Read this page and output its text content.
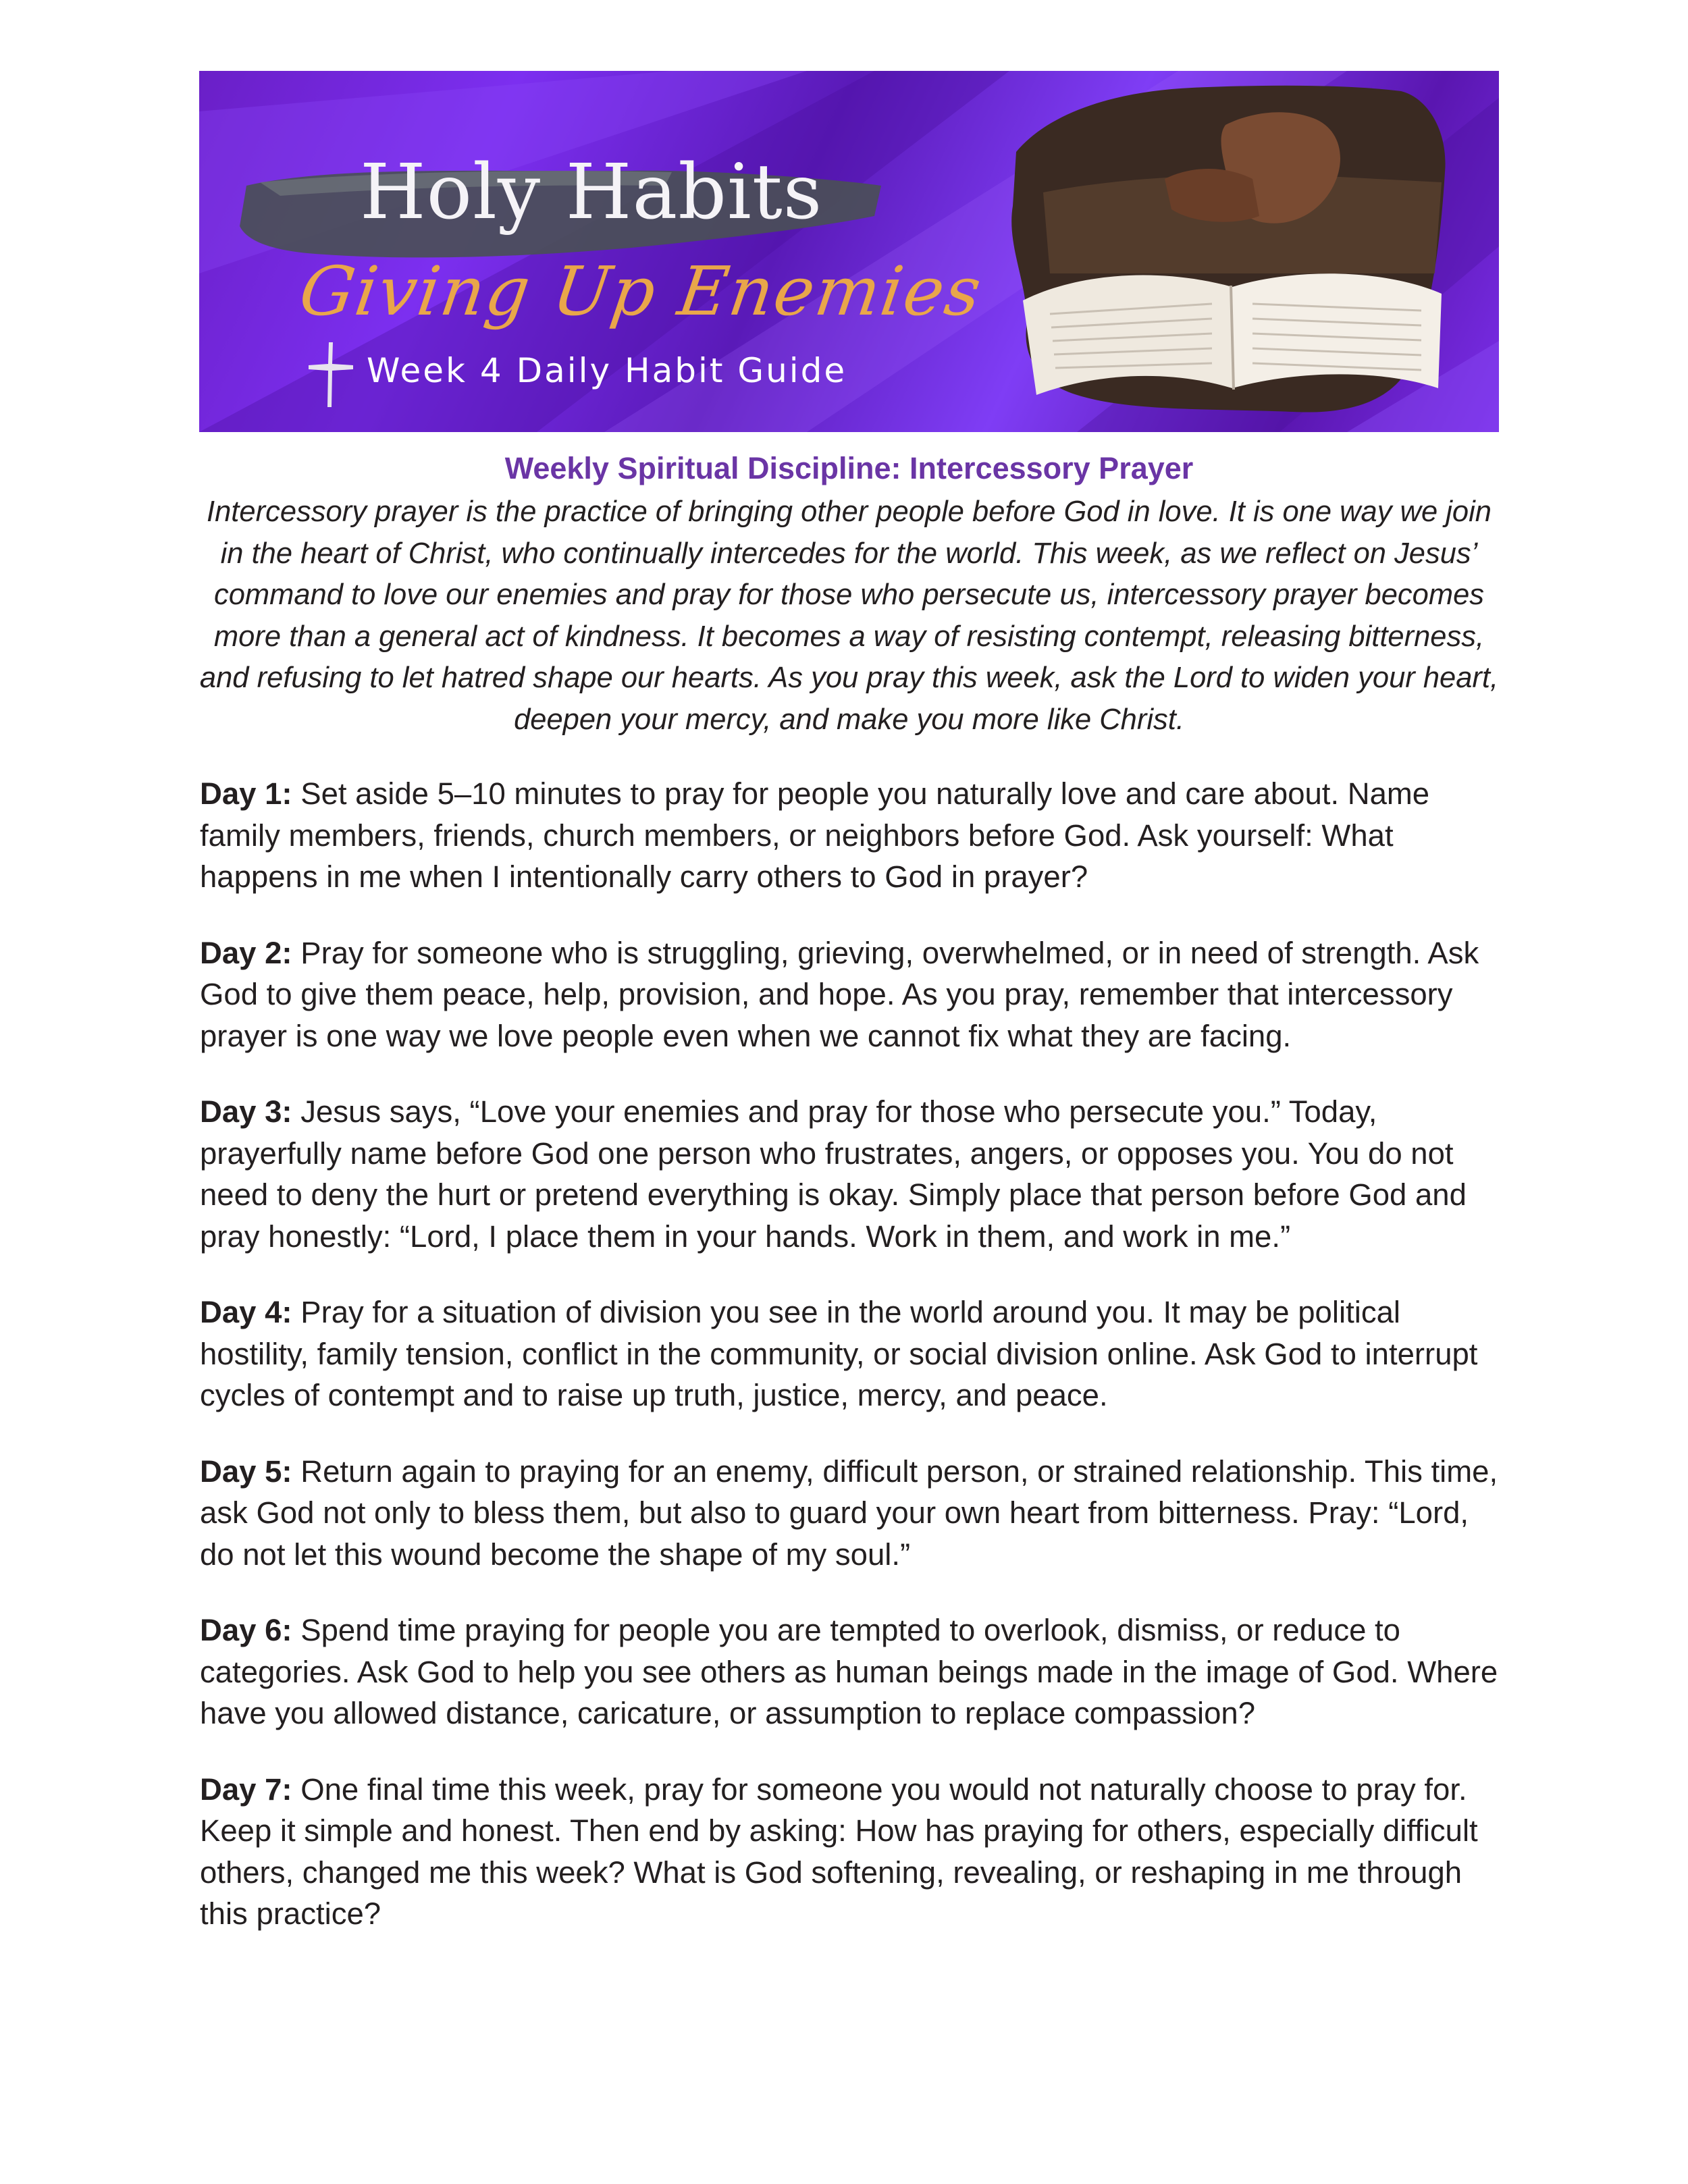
Holy Habits
Giving Up Enemies
Week 4 Daily Habit Guide
Weekly Spiritual Discipline: Intercessory Prayer

Intercessory prayer is the practice of bringing other people before God in love. It is one way we join in the heart of Christ, who continually intercedes for the world. This week, as we reflect on Jesus’ command to love our enemies and pray for those who persecute us, intercessory prayer becomes more than a general act of kindness. It becomes a way of resisting contempt, releasing bitterness, and refusing to let hatred shape our hearts. As you pray this week, ask the Lord to widen your heart, deepen your mercy, and make you more like Christ.

Day 1: Set aside 5–10 minutes to pray for people you naturally love and care about. Name family members, friends, church members, or neighbors before God. Ask yourself: What happens in me when I intentionally carry others to God in prayer?

Day 2: Pray for someone who is struggling, grieving, overwhelmed, or in need of strength. Ask God to give them peace, help, provision, and hope. As you pray, remember that intercessory prayer is one way we love people even when we cannot fix what they are facing.

Day 3: Jesus says, “Love your enemies and pray for those who persecute you.” Today, prayerfully name before God one person who frustrates, angers, or opposes you. You do not need to deny the hurt or pretend everything is okay. Simply place that person before God and pray honestly: “Lord, I place them in your hands. Work in them, and work in me.”

Day 4: Pray for a situation of division you see in the world around you. It may be political hostility, family tension, conflict in the community, or social division online. Ask God to interrupt cycles of contempt and to raise up truth, justice, mercy, and peace.

Day 5: Return again to praying for an enemy, difficult person, or strained relationship. This time, ask God not only to bless them, but also to guard your own heart from bitterness. Pray: “Lord, do not let this wound become the shape of my soul.”

Day 6: Spend time praying for people you are tempted to overlook, dismiss, or reduce to categories. Ask God to help you see others as human beings made in the image of God. Where have you allowed distance, caricature, or assumption to replace compassion?

Day 7: One final time this week, pray for someone you would not naturally choose to pray for. Keep it simple and honest. Then end by asking: How has praying for others, especially difficult others, changed me this week? What is God softening, revealing, or reshaping in me through this practice?
